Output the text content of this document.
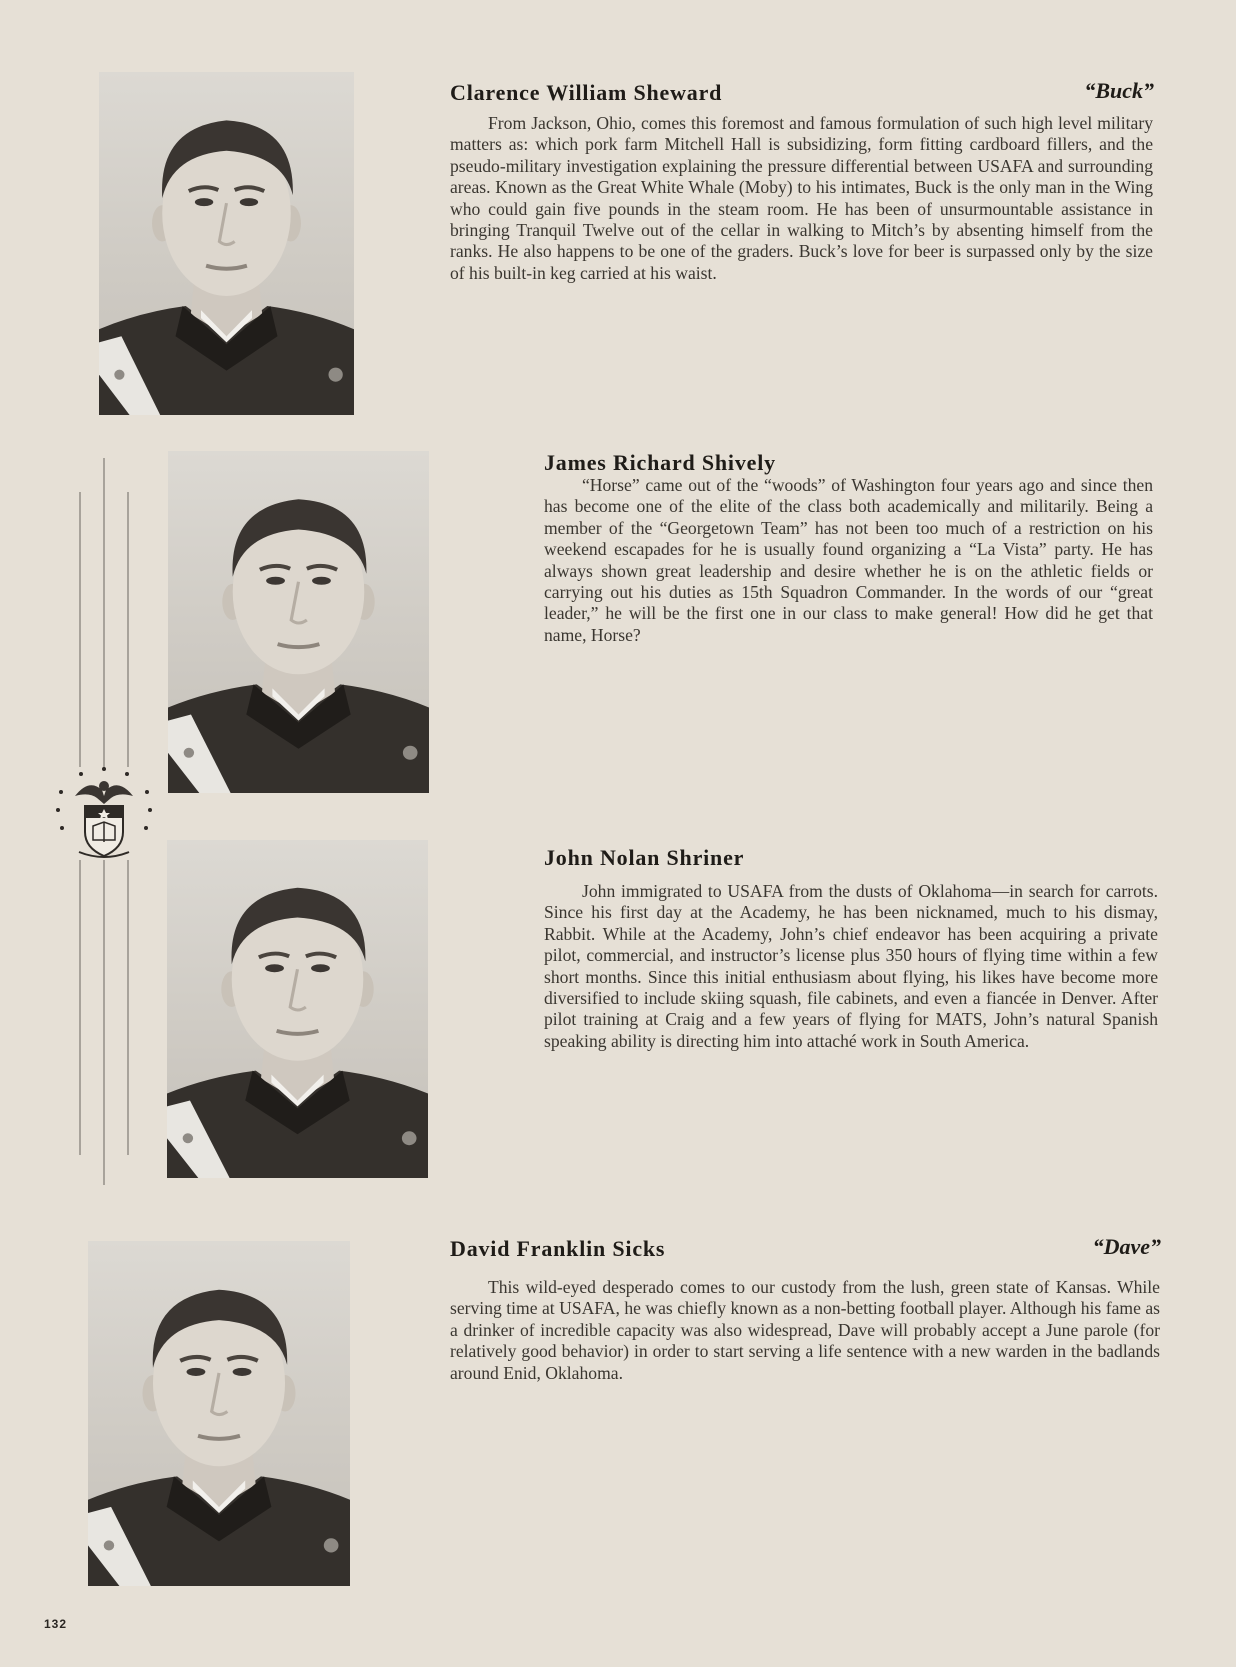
Clarence William Sheward	“Buck”

From Jackson, Ohio, comes this foremost and famous formulation of such high level military matters as: which pork farm Mitchell Hall is subsidizing, form fitting cardboard fillers, and the pseudo-military investigation explaining the pressure differential between USAFA and surrounding areas. Known as the Great White Whale (Moby) to his intimates, Buck is the only man in the Wing who could gain five pounds in the steam room. He has been of unsurmountable assistance in bringing Tranquil Twelve out of the cellar in walking to Mitch’s by absenting himself from the ranks. He also happens to be one of the graders. Buck’s love for beer is surpassed only by the size of his built-in keg carried at his waist.

James Richard Shively

“Horse” came out of the “woods” of Washington four years ago and since then has become one of the elite of the class both academically and militarily. Being a member of the “Georgetown Team” has not been too much of a restriction on his weekend escapades for he is usually found organizing a “La Vista” party. He has always shown great leadership and desire whether he is on the athletic fields or carrying out his duties as 15th Squadron Commander. In the words of our “great leader,” he will be the first one in our class to make general! How did he get that name, Horse?

John Nolan Shriner

John immigrated to USAFA from the dusts of Oklahoma—in search for carrots. Since his first day at the Academy, he has been nicknamed, much to his dismay, Rabbit. While at the Academy, John’s chief endeavor has been acquiring a private pilot, commercial, and instructor’s license plus 350 hours of flying time within a few short months. Since this initial enthusiasm about flying, his likes have become more diversified to include skiing squash, file cabinets, and even a fiancée in Denver. After pilot training at Craig and a few years of flying for MATS, John’s natural Spanish speaking ability is directing him into attaché work in South America.

David Franklin Sicks	“Dave”

This wild-eyed desperado comes to our custody from the lush, green state of Kansas. While serving time at USAFA, he was chiefly known as a non-betting football player. Although his fame as a drinker of incredible capacity was also widespread, Dave will probably accept a June parole (for relatively good behavior) in order to start serving a life sentence with a new warden in the badlands around Enid, Oklahoma.

132
